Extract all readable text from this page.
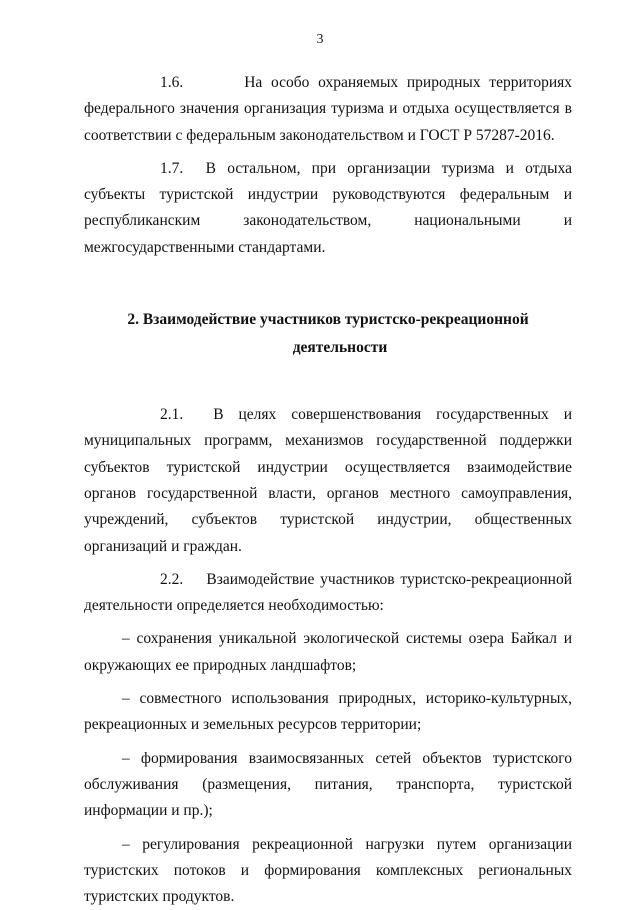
3

1.6.	На особо охраняемых природных территориях федерального значения организация туризма и отдыха осуществляется в соответствии с федеральным законодательством и ГОСТ Р 57287-2016.

1.7. В остальном, при организации туризма и отдыха субъекты туристской индустрии руководствуются федеральным и республиканским законодательством, национальными и межгосударственными стандартами.

2. Взаимодействие участников туристско-рекреационной
деятельности

2.1. В целях совершенствования государственных и муниципальных программ, механизмов государственной поддержки субъектов туристской индустрии осуществляется взаимодействие органов государственной власти, органов местного самоуправления, учреждений, субъектов туристской индустрии, общественных организаций и граждан.

2.2. Взаимодействие участников туристско-рекреационной деятельности определяется необходимостью:

– сохранения уникальной экологической системы озера Байкал и окружающих ее природных ландшафтов;

– совместного использования природных, историко-культурных, рекреационных и земельных ресурсов территории;

– формирования взаимосвязанных сетей объектов туристского обслуживания (размещения, питания, транспорта, туристской информации и пр.);

– регулирования рекреационной нагрузки путем организации туристских потоков и формирования комплексных региональных туристских продуктов.
